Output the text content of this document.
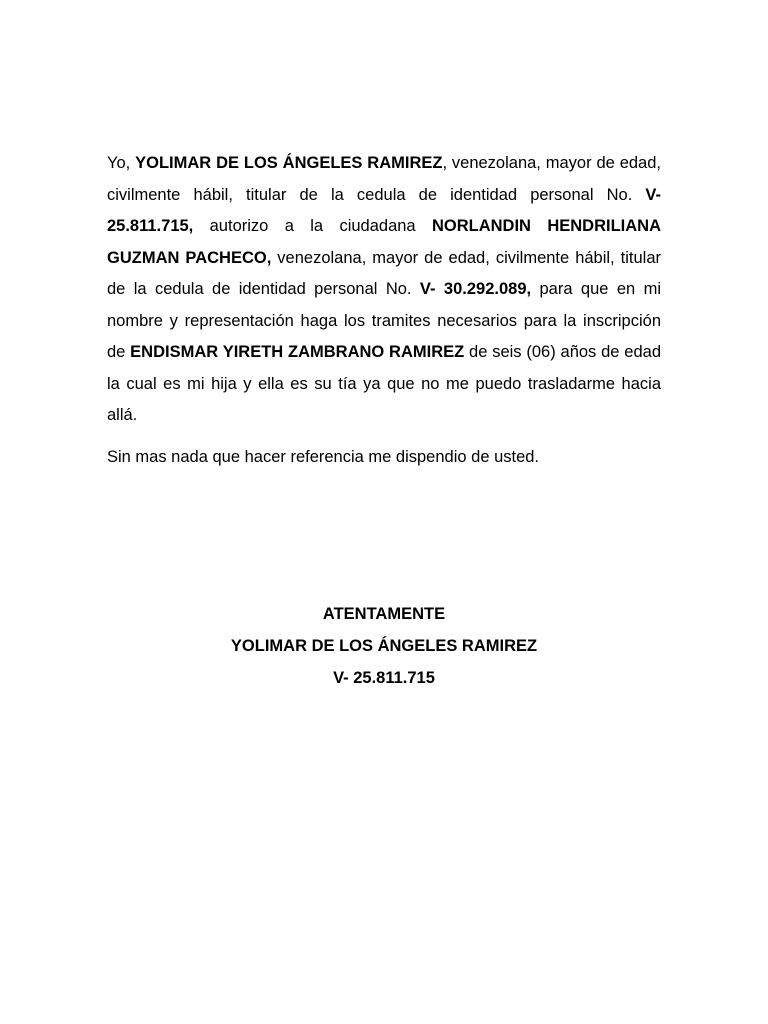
Yo, YOLIMAR DE LOS ÁNGELES RAMIREZ, venezolana, mayor de edad, civilmente hábil, titular de la cedula de identidad personal No. V- 25.811.715, autorizo a la ciudadana NORLANDIN HENDRILIANA GUZMAN PACHECO, venezolana, mayor de edad, civilmente hábil, titular de la cedula de identidad personal No. V- 30.292.089, para que en mi nombre y representación haga los tramites necesarios para la inscripción de ENDISMAR YIRETH ZAMBRANO RAMIREZ de seis (06) años de edad la cual es mi hija y ella es su tía ya que no me puedo trasladarme hacia allá.

Sin mas nada que hacer referencia me dispendio de usted.

ATENTAMENTE
YOLIMAR DE LOS ÁNGELES RAMIREZ
V- 25.811.715
